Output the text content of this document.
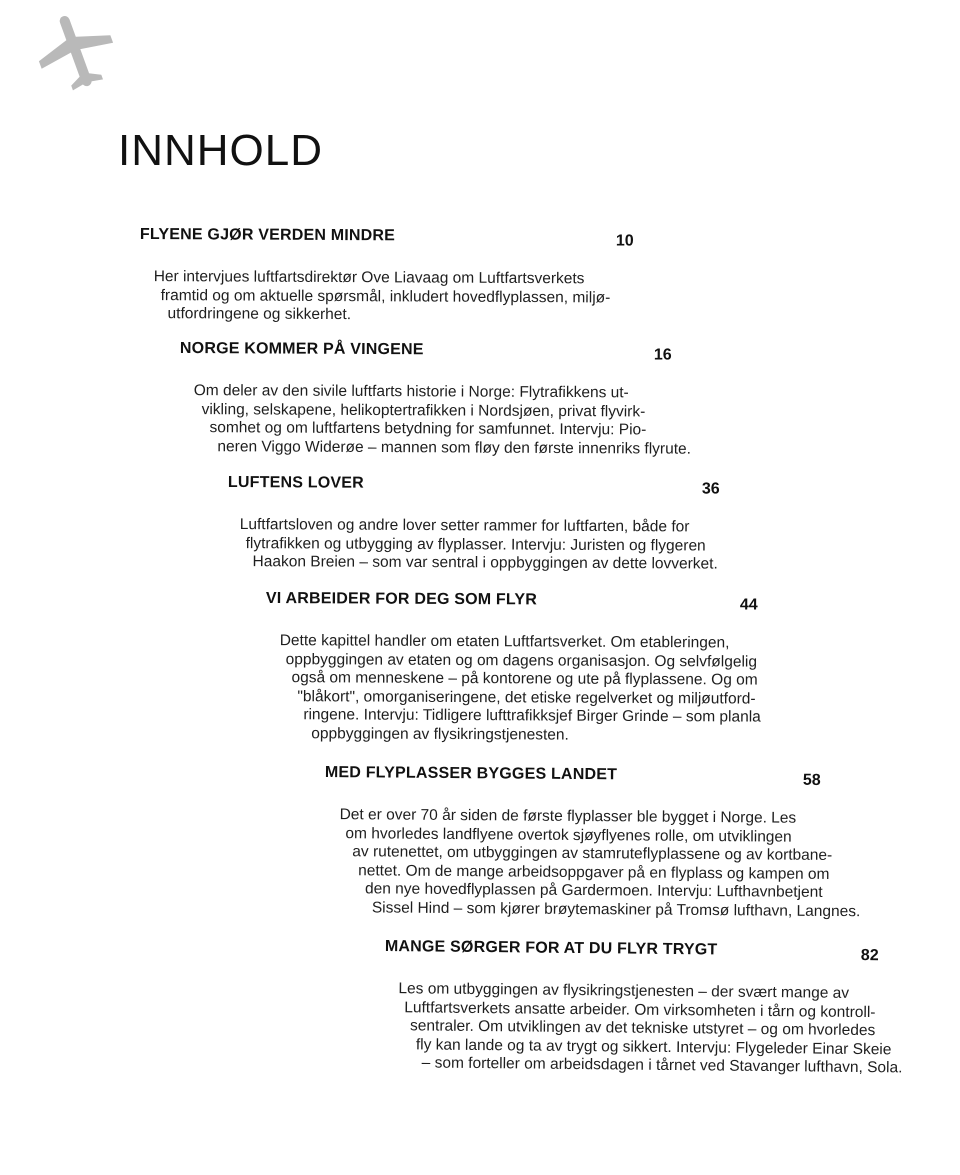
INNHOLD
FLYENE GJØR VERDEN MINDRE	10
Her intervjues luftfartsdirektør Ove Liavaag om Luftfartsverkets
framtid og om aktuelle spørsmål, inkludert hovedflyplassen, miljø-
utfordringene og sikkerhet.
NORGE KOMMER PÅ VINGENE	16
Om deler av den sivile luftfarts historie i Norge: Flytrafikkens ut-
vikling, selskapene, helikoptertrafikken i Nordsjøen, privat flyvirk-
somhet og om luftfartens betydning for samfunnet. Intervju: Pio-
neren Viggo Widerøe – mannen som fløy den første innenriks flyrute.
LUFTENS LOVER	36
Luftfartsloven og andre lover setter rammer for luftfarten, både for
flytrafikken og utbygging av flyplasser. Intervju: Juristen og flygeren
Haakon Breien – som var sentral i oppbyggingen av dette lovverket.
VI ARBEIDER FOR DEG SOM FLYR	44
Dette kapittel handler om etaten Luftfartsverket. Om etableringen,
oppbyggingen av etaten og om dagens organisasjon. Og selvfølgelig
også om menneskene – på kontorene og ute på flyplassene. Og om
"blåkort", omorganiseringene, det etiske regelverket og miljøutford-
ringene. Intervju: Tidligere lufttrafikksjef Birger Grinde – som planla
oppbyggingen av flysikringstjenesten.
MED FLYPLASSER BYGGES LANDET	58
Det er over 70 år siden de første flyplasser ble bygget i Norge. Les
om hvorledes landflyene overtok sjøyflyenes rolle, om utviklingen
av rutenettet, om utbyggingen av stamruteflyplassene og av kortbane-
nettet. Om de mange arbeidsoppgaver på en flyplass og kampen om
den nye hovedflyplassen på Gardermoen. Intervju: Lufthavnbetjent
Sissel Hind – som kjører brøytemaskiner på Tromsø lufthavn, Langnes.
MANGE SØRGER FOR AT DU FLYR TRYGT	82
Les om utbyggingen av flysikringstjenesten – der svært mange av
Luftfartsverkets ansatte arbeider. Om virksomheten i tårn og kontroll-
sentraler. Om utviklingen av det tekniske utstyret – og om hvorledes
fly kan lande og ta av trygt og sikkert. Intervju: Flygeleder Einar Skeie
– som forteller om arbeidsdagen i tårnet ved Stavanger lufthavn, Sola.
